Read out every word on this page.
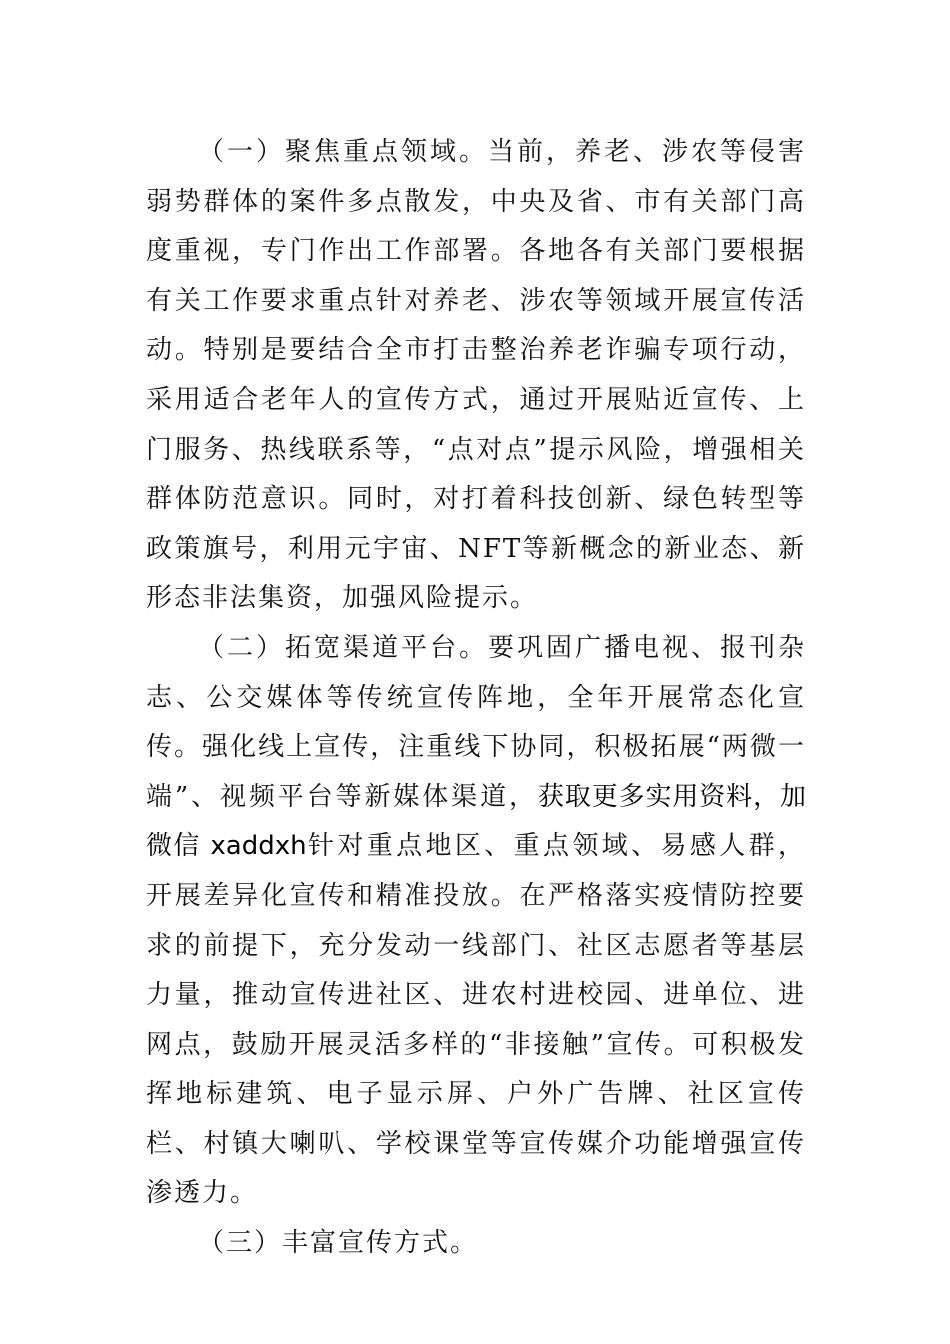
（一）聚焦重点领域。当前，养老、涉农等侵害弱势群体的案件多点散发，中央及省、市有关部门高度重视，专门作出工作部署。各地各有关部门要根据有关工作要求重点针对养老、涉农等领域开展宣传活动。特别是要结合全市打击整治养老诈骗专项行动，采用适合老年人的宣传方式，通过开展贴近宣传、上门服务、热线联系等，“点对点”提示风险，增强相关群体防范意识。同时，对打着科技创新、绿色转型等政策旗号，利用元宇宙、NFT等新概念的新业态、新形态非法集资，加强风险提示。

（二）拓宽渠道平台。要巩固广播电视、报刊杂志、公交媒体等传统宣传阵地，全年开展常态化宣传。强化线上宣传，注重线下协同，积极拓展“两微一端”、视频平台等新媒体渠道，获取更多实用资料，加微信 xaddxh针对重点地区、重点领域、易感人群，开展差异化宣传和精准投放。在严格落实疫情防控要求的前提下，充分发动一线部门、社区志愿者等基层力量，推动宣传进社区、进农村进校园、进单位、进网点，鼓励开展灵活多样的“非接触”宣传。可积极发挥地标建筑、电子显示屏、户外广告牌、社区宣传栏、村镇大喇叭、学校课堂等宣传媒介功能增强宣传渗透力。

（三）丰富宣传方式。
